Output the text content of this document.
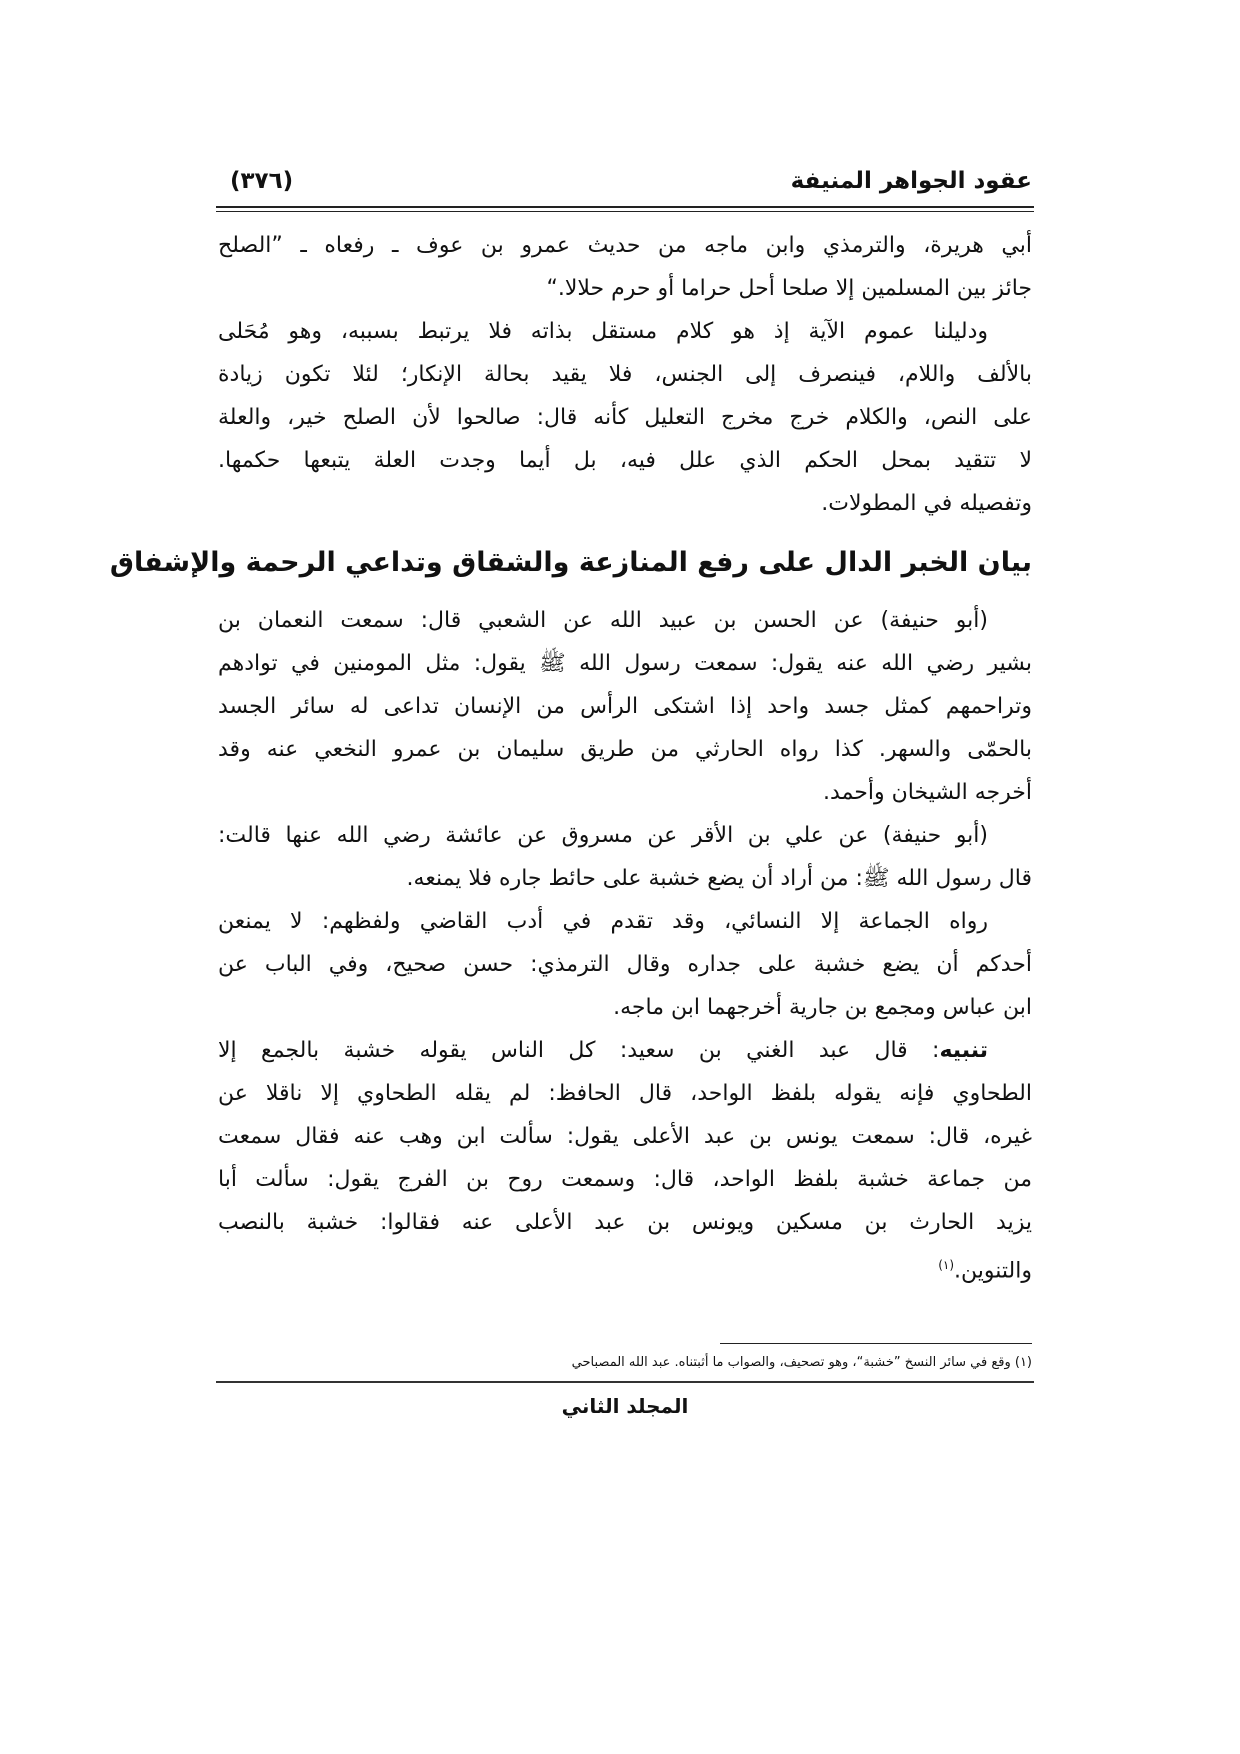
عقود الجواهر المنيفة
(٣٧٦)
أبي هريرة، والترمذي وابن ماجه من حديث عمرو بن عوف ـ رفعاه ـ ”الصلح
جائز بين المسلمين إلا صلحا أحل حراما أو حرم حلالا.“
ودليلنا عموم الآية إذ هو كلام مستقل بذاته فلا يرتبط بسببه، وهو مُحَلى
بالألف واللام، فينصرف إلى الجنس، فلا يقيد بحالة الإنكار؛ لئلا تكون زيادة
على النص، والكلام خرج مخرج التعليل كأنه قال: صالحوا لأن الصلح خير، والعلة
لا تتقيد بمحل الحكم الذي علل فيه، بل أيما وجدت العلة يتبعها حكمها.
وتفصيله في المطولات.
بيان الخبر الدال على رفع المنازعة والشقاق وتداعي الرحمة والإشفاق
(أبو حنيفة) عن الحسن بن عبيد الله عن الشعبي قال: سمعت النعمان بن
بشير رضي الله عنه يقول: سمعت رسول الله ﷺ يقول: مثل المومنين في توادهم
وتراحمهم كمثل جسد واحد إذا اشتكى الرأس من الإنسان تداعى له سائر الجسد
بالحمّى والسهر. كذا رواه الحارثي من طريق سليمان بن عمرو النخعي عنه وقد
أخرجه الشيخان وأحمد.
(أبو حنيفة) عن علي بن الأقر عن مسروق عن عائشة رضي الله عنها قالت:
قال رسول الله ﷺ: من أراد أن يضع خشبة على حائط جاره فلا يمنعه.
رواه الجماعة إلا النسائي، وقد تقدم في أدب القاضي ولفظهم: لا يمنعن
أحدكم أن يضع خشبة على جداره وقال الترمذي: حسن صحيح، وفي الباب عن
ابن عباس ومجمع بن جارية أخرجهما ابن ماجه.
تنبيه: قال عبد الغني بن سعيد: كل الناس يقوله خشبة بالجمع إلا
الطحاوي فإنه يقوله بلفظ الواحد، قال الحافظ: لم يقله الطحاوي إلا ناقلا عن
غيره، قال: سمعت يونس بن عبد الأعلى يقول: سألت ابن وهب عنه فقال سمعت
من جماعة خشبة بلفظ الواحد، قال: وسمعت روح بن الفرج يقول: سألت أبا
يزيد الحارث بن مسكين ويونس بن عبد الأعلى عنه فقالوا: خشبة بالنصب
والتنوين.$^{(١)}$
(١) وقع في سائر النسخ ”خشبة“، وهو تصحيف، والصواب ما أثبتناه. عبد الله المصباحي
المجلد الثاني
